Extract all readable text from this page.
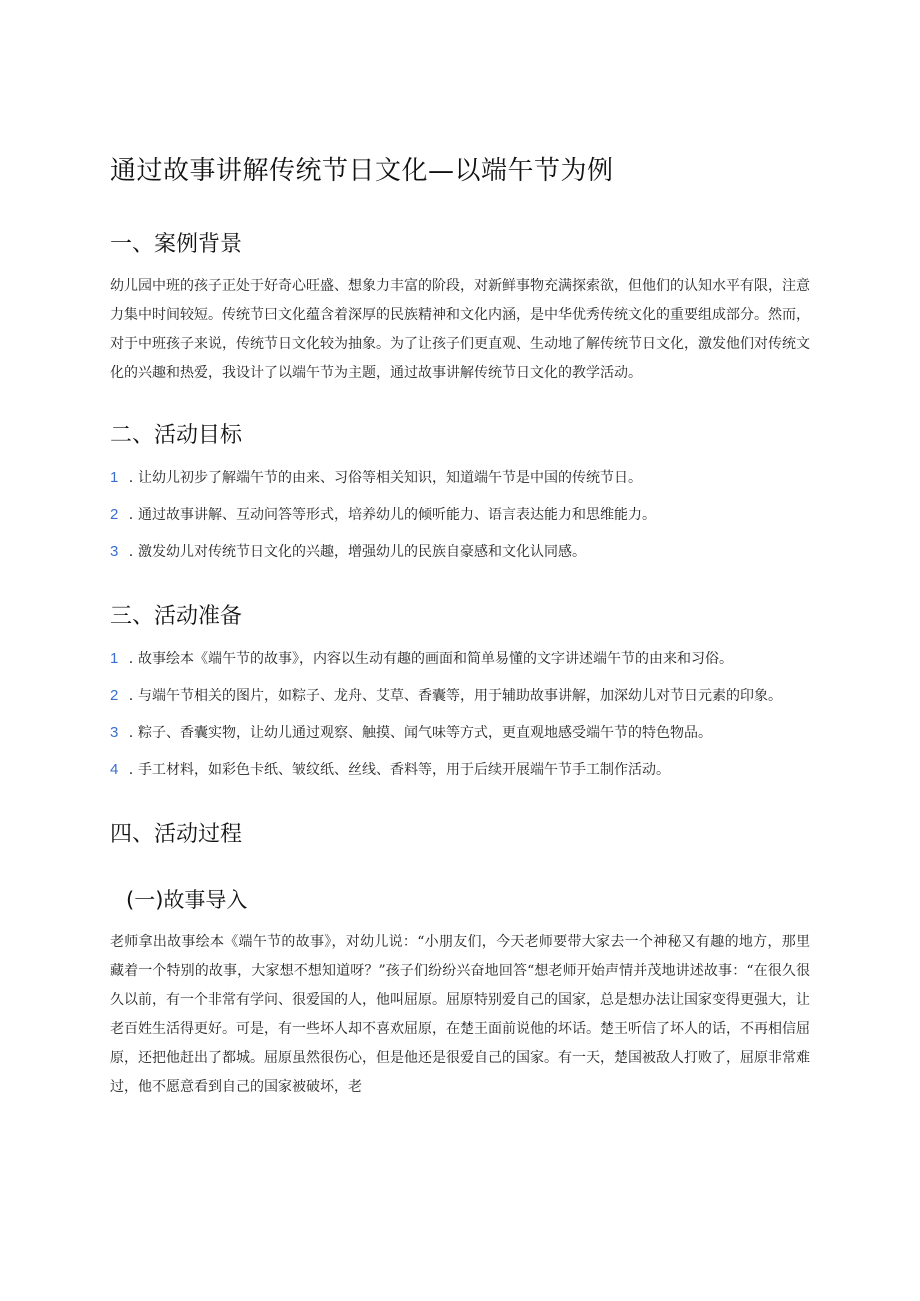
通过故事讲解传统节日文化—以端午节为例
一、案例背景

幼儿园中班的孩子正处于好奇心旺盛、想象力丰富的阶段，对新鲜事物充满探索欲，但他们的认知水平有限，注意力集中时间较短。传统节曰文化蕴含着深厚的民族精神和文化内涵，是中华优秀传统文化的重要组成部分。然而，对于中班孩子来说，传统节日文化较为抽象。为了让孩子们更直观、生动地了解传统节日文化，激发他们对传统文化的兴趣和热爱，我设计了以端午节为主题，通过故事讲解传统节日文化的教学活动。

二、活动目标
1 . 让幼儿初步了解端午节的由来、习俗等相关知识，知道端午节是中国的传统节日。
2 . 通过故事讲解、互动问答等形式，培养幼儿的倾听能力、语言表达能力和思维能力。
3 . 激发幼儿对传统节日文化的兴趣，增强幼儿的民族自豪感和文化认同感。
三、活动准备
1 . 故事绘本《端午节的故事》，内容以生动有趣的画面和简单易懂的文字讲述端午节的由来和习俗。
2 . 与端午节相关的图片，如粽子、龙舟、艾草、香囊等，用于辅助故事讲解，加深幼儿对节日元素的印象。
3 . 粽子、香囊实物，让幼儿通过观察、触摸、闻气味等方式，更直观地感受端午节的特色物品。
4 . 手工材料，如彩色卡纸、皱纹纸、丝线、香料等，用于后续开展端午节手工制作活动。
四、活动过程
(一)故事导入

老师拿出故事绘本《端午节的故事》，对幼儿说：“小朋友们，今天老师要带大家去一个神秘又有趣的地方，那里藏着一个特别的故事，大家想不想知道呀？”孩子们纷纷兴奋地回答“想老师开始声情并茂地讲述故事：“在很久很久以前，有一个非常有学问、很爱国的人，他叫屈原。屈原特别爱自己的国家，总是想办法让国家变得更强大，让老百姓生活得更好。可是，有一些坏人却不喜欢屈原，在楚王面前说他的坏话。楚王听信了坏人的话，不再相信屈原，还把他赶出了都城。屈原虽然很伤心，但是他还是很爱自己的国家。有一天，楚国被敌人打败了，屈原非常难过，他不愿意看到自己的国家被破坏，老
